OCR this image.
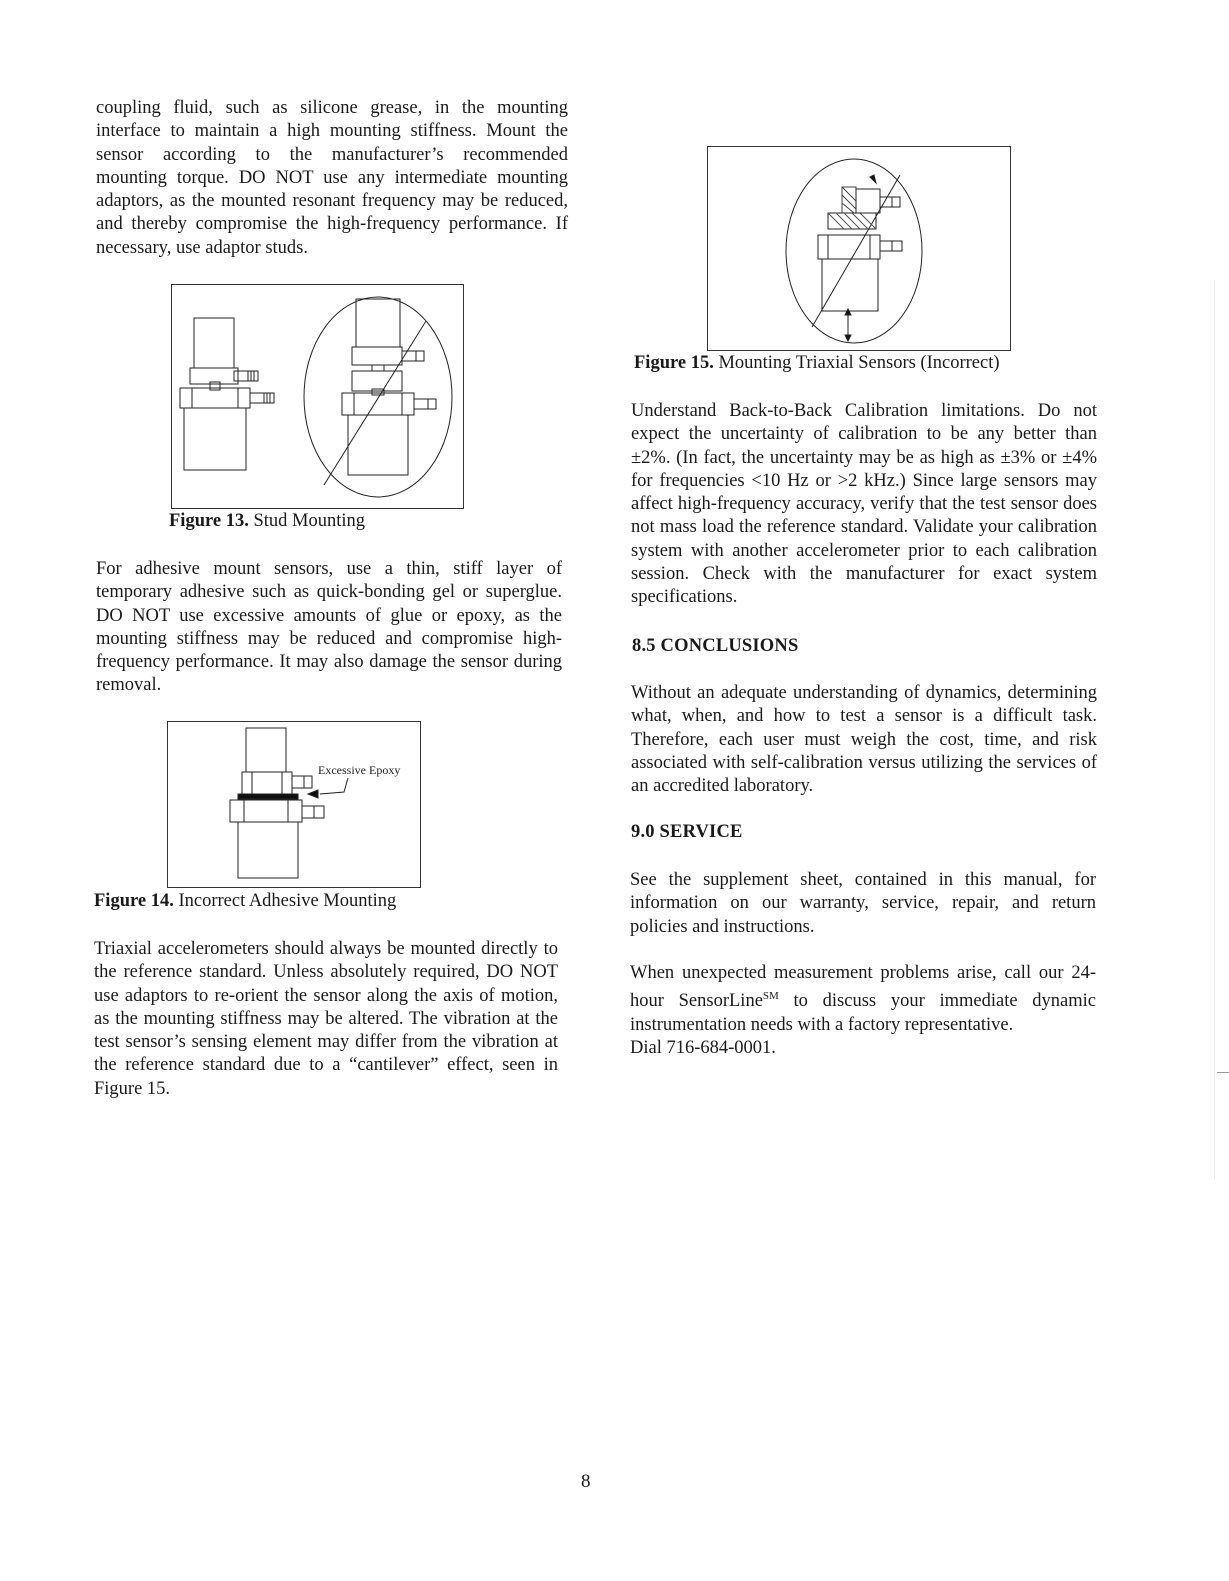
coupling fluid, such as silicone grease, in the mounting interface to maintain a high mounting stiffness. Mount the sensor according to the manufacturer’s recommended mounting torque. DO NOT use any intermediate mounting adaptors, as the mounted resonant frequency may be reduced, and thereby compromise the high-frequency performance. If necessary, use adaptor studs.

Figure 13. Stud Mounting

For adhesive mount sensors, use a thin, stiff layer of temporary adhesive such as quick-bonding gel or superglue. DO NOT use excessive amounts of glue or epoxy, as the mounting stiffness may be reduced and compromise high-frequency performance. It may also damage the sensor during removal.

Excessive Epoxy
Figure 14. Incorrect Adhesive Mounting

Triaxial accelerometers should always be mounted directly to the reference standard. Unless absolutely required, DO NOT use adaptors to re-orient the sensor along the axis of motion, as the mounting stiffness may be altered. The vibration at the test sensor’s sensing element may differ from the vibration at the reference standard due to a “cantilever” effect, seen in Figure 15.

Figure 15. Mounting Triaxial Sensors (Incorrect)

Understand Back-to-Back Calibration limitations. Do not expect the uncertainty of calibration to be any better than ±2%. (In fact, the uncertainty may be as high as ±3% or ±4% for frequencies <10 Hz or >2 kHz.) Since large sensors may affect high-frequency accuracy, verify that the test sensor does not mass load the reference standard. Validate your calibration system with another accelerometer prior to each calibration session. Check with the manufacturer for exact system specifications.

8.5 CONCLUSIONS

Without an adequate understanding of dynamics, determining what, when, and how to test a sensor is a difficult task. Therefore, each user must weigh the cost, time, and risk associated with self-calibration versus utilizing the services of an accredited laboratory.

9.0 SERVICE

See the supplement sheet, contained in this manual, for information on our warranty, service, repair, and return policies and instructions.

When unexpected measurement problems arise, call our 24-hour SensorLine℠ to discuss your immediate dynamic instrumentation needs with a factory representative.

Dial 716-684-0001.

8
